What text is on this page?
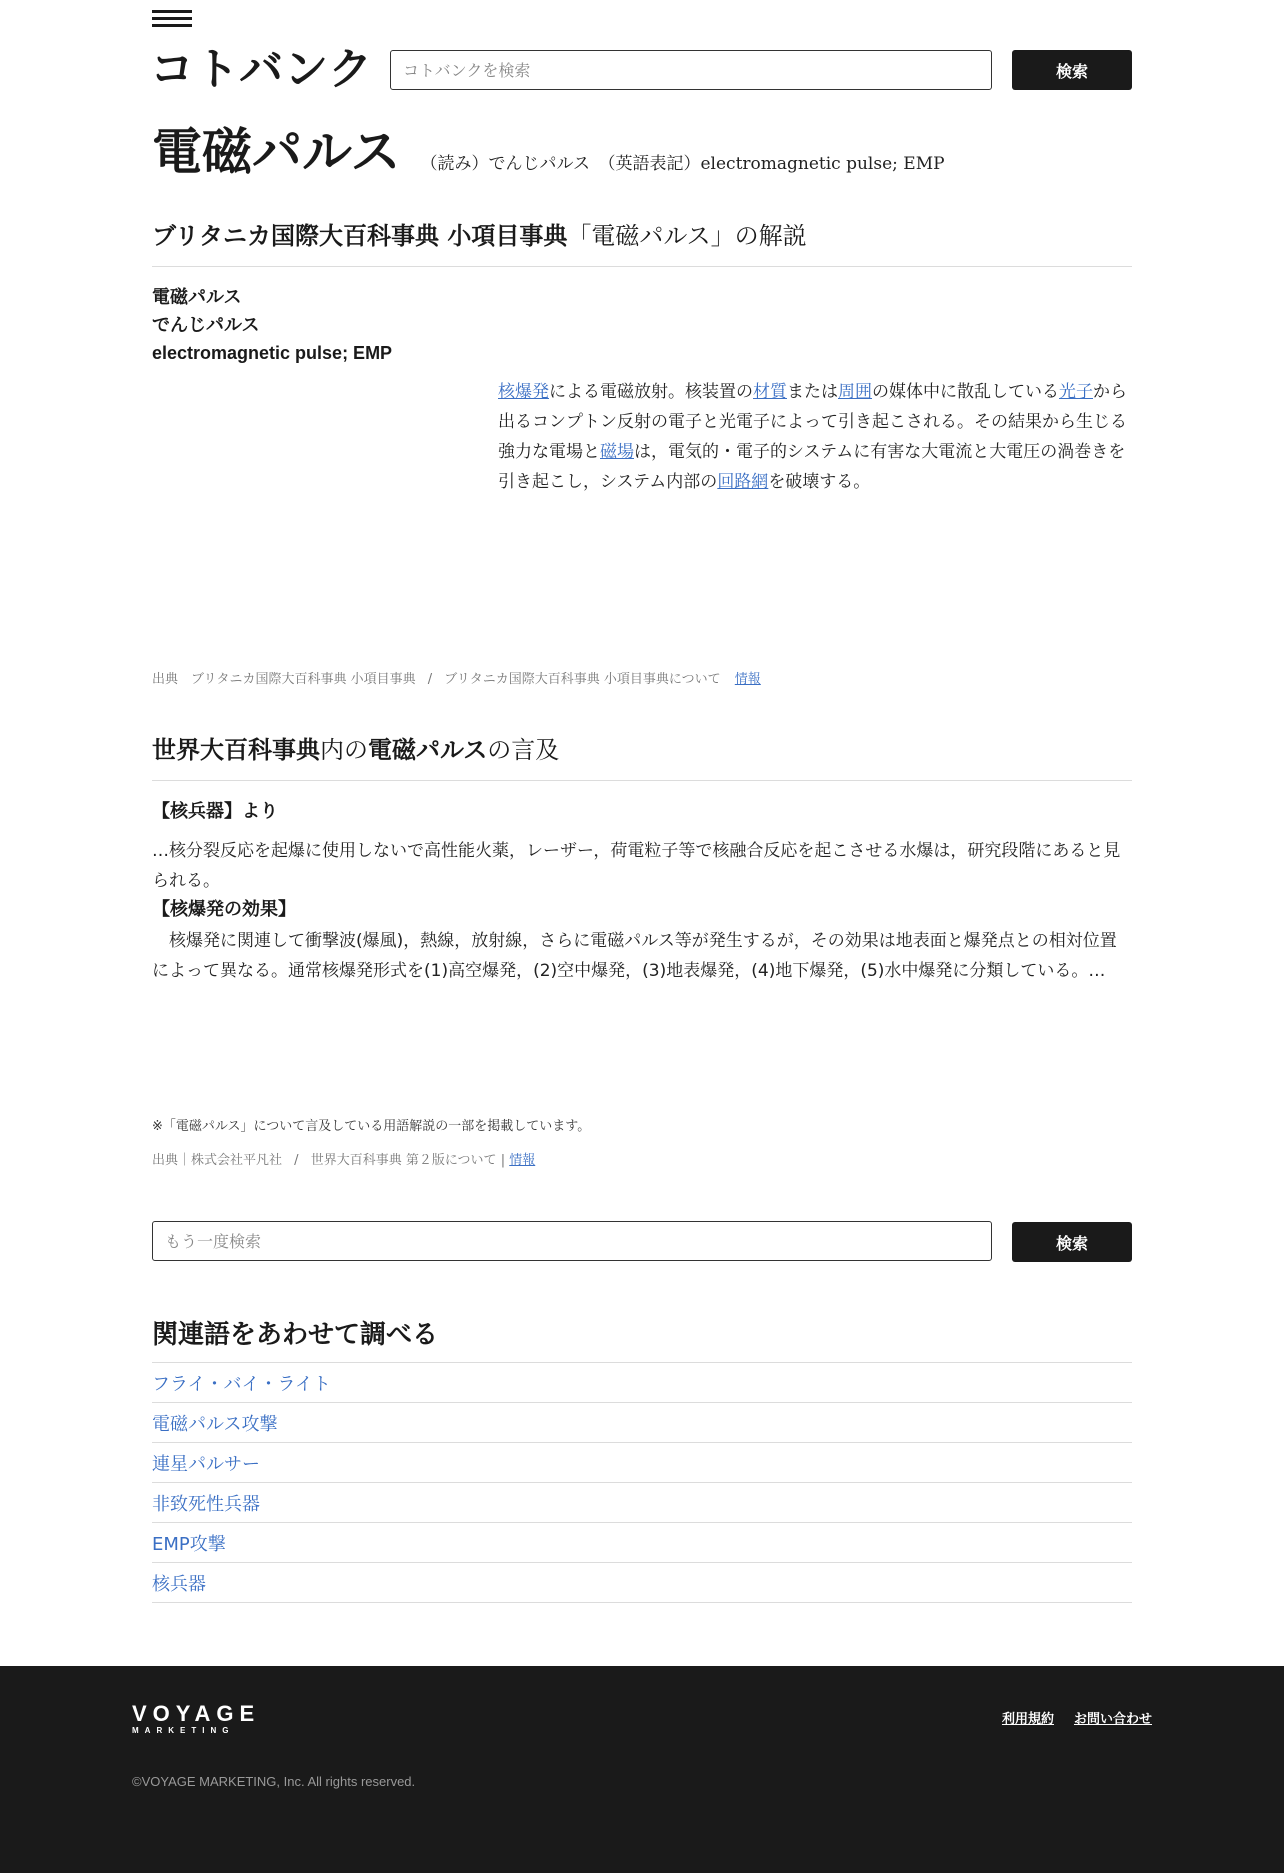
コトバンク
コトバンクを検索	検索
電磁パルス （読み）でんじパルス　（英語表記）electromagnetic pulse; EMP
ブリタニカ国際大百科事典 小項目事典「電磁パルス」の解説
電磁パルス
でんじパルス
electromagnetic pulse; EMP

核爆発による電磁放射。核装置の材質または周囲の媒体中に散乱している光子から出るコンプトン反射の電子と光電子によって引き起こされる。その結果から生じる強力な電場と磁場は，電気的・電子的システムに有害な大電流と大電圧の渦巻きを引き起こし，システム内部の回路網を破壊する。

出典　ブリタニカ国際大百科事典 小項目事典 / ブリタニカ国際大百科事典 小項目事典について 情報
世界大百科事典内の電磁パルスの言及
【核兵器】より

…核分裂反応を起爆に使用しないで高性能火薬，レーザー，荷電粒子等で核融合反応を起こさせる水爆は，研究段階にあると見られる。

【核爆発の効果】

　核爆発に関連して衝撃波(爆風)，熱線，放射線，さらに電磁パルス等が発生するが，その効果は地表面と爆発点との相対位置によって異なる。通常核爆発形式を(1)高空爆発，(2)空中爆発，(3)地表爆発，(4)地下爆発，(5)水中爆発に分類している。…

※「電磁パルス」について言及している用語解説の一部を掲載しています。
出典｜株式会社平凡社 / 世界大百科事典 第２版について | 情報
もう一度検索
検索
関連語をあわせて調べる
フライ・バイ・ライト
電磁パルス攻撃
連星パルサー
非致死性兵器
EMP攻撃
核兵器
VOYAGE
MARKETING
利用規約 お問い合わせ
©VOYAGE MARKETING, Inc. All rights reserved.
